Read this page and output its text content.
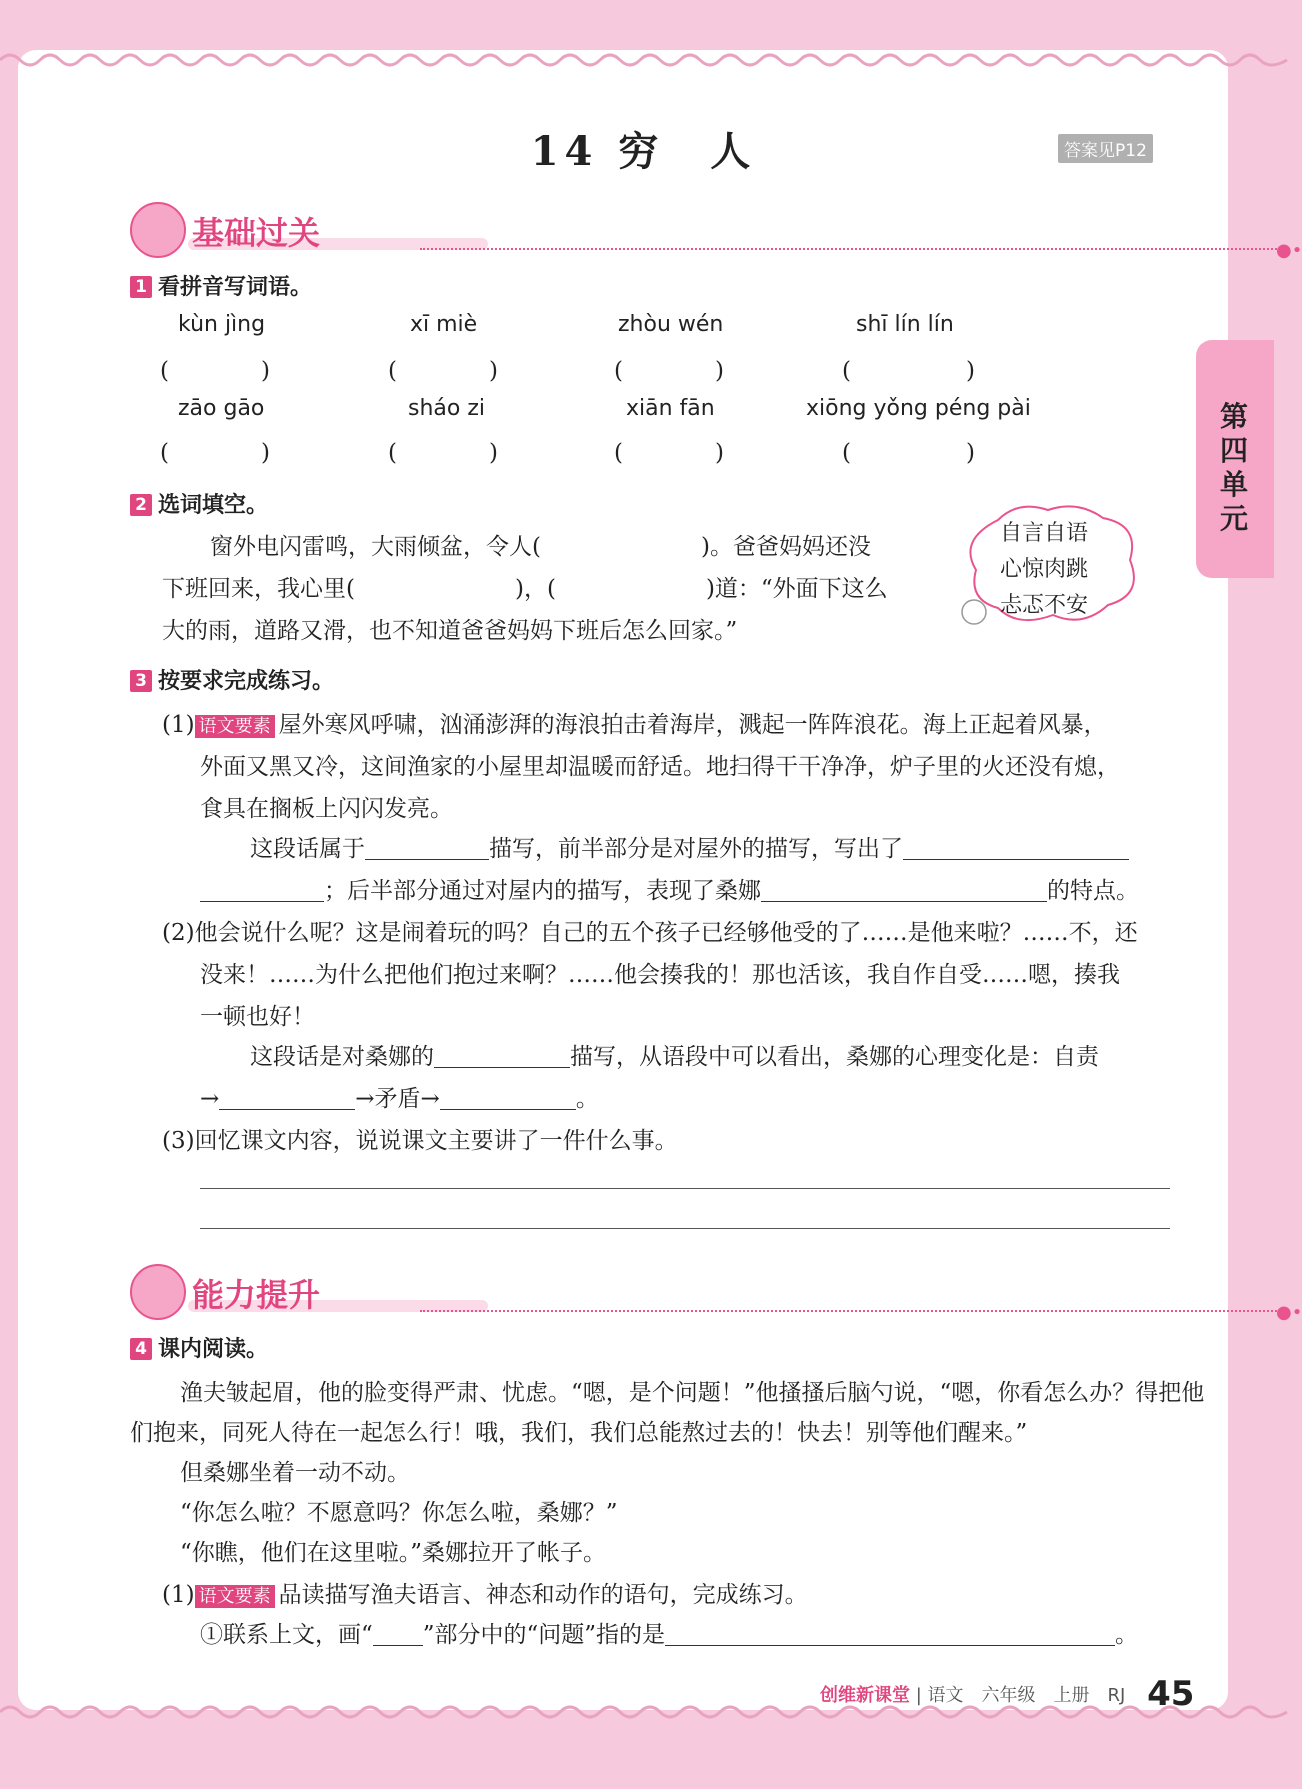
14 穷　人	答案见P12
第四单元
基础过关	●•
1 看拼音写词语。
kùn jìng	xī miè	zhòu wén	shī lín lín
(　　　　)	(　　　　)	(　　　　)	(　　　　　)
zāo gāo	sháo zi	xiān fān	xiōng yǒng péng pài
(　　　　)	(　　　　)	(　　　　)	(　　　　　)
2 选词填空。
窗外电闪雷鸣，大雨倾盆，令人(	)。爸爸妈妈还没
下班回来，我心里(	)，(	)道：“外面下这么
大的雨，道路又滑，也不知道爸爸妈妈下班后怎么回家。”
自言自语
心惊肉跳
忐忑不安
3 按要求完成练习。
(1) 语文要素 屋外寒风呼啸，汹涌澎湃的海浪拍击着海岸，溅起一阵阵浪花。海上正起着风暴，
外面又黑又冷，这间渔家的小屋里却温暖而舒适。地扫得干干净净，炉子里的火还没有熄，
食具在搁板上闪闪发亮。
这段话属于	描写，前半部分是对屋外的描写，写出了
；后半部分通过对屋内的描写，表现了桑娜	的特点。
(2)他会说什么呢？这是闹着玩的吗？自己的五个孩子已经够他受的了……是他来啦？……不，还
没来！……为什么把他们抱过来啊？……他会揍我的！那也活该，我自作自受……嗯，揍我
一顿也好！
这段话是对桑娜的	描写，从语段中可以看出，桑娜的心理变化是：自责
→	→矛盾→	。
(3)回忆课文内容，说说课文主要讲了一件什么事。
能力提升	●•
4 课内阅读。
渔夫皱起眉，他的脸变得严肃、忧虑。“嗯，是个问题！”他搔搔后脑勺说，“嗯，你看怎么办？得把他
们抱来，同死人待在一起怎么行！哦，我们，我们总能熬过去的！快去！别等他们醒来。”
但桑娜坐着一动不动。
“你怎么啦？不愿意吗？你怎么啦，桑娜？”
“你瞧，他们在这里啦。”桑娜拉开了帐子。
(1) 语文要素 品读描写渔夫语言、神态和动作的语句，完成练习。
①联系上文，画“ ”部分中的“问题”指的是	。
创维新课堂 | 语文　六年级　上册　RJ 45
